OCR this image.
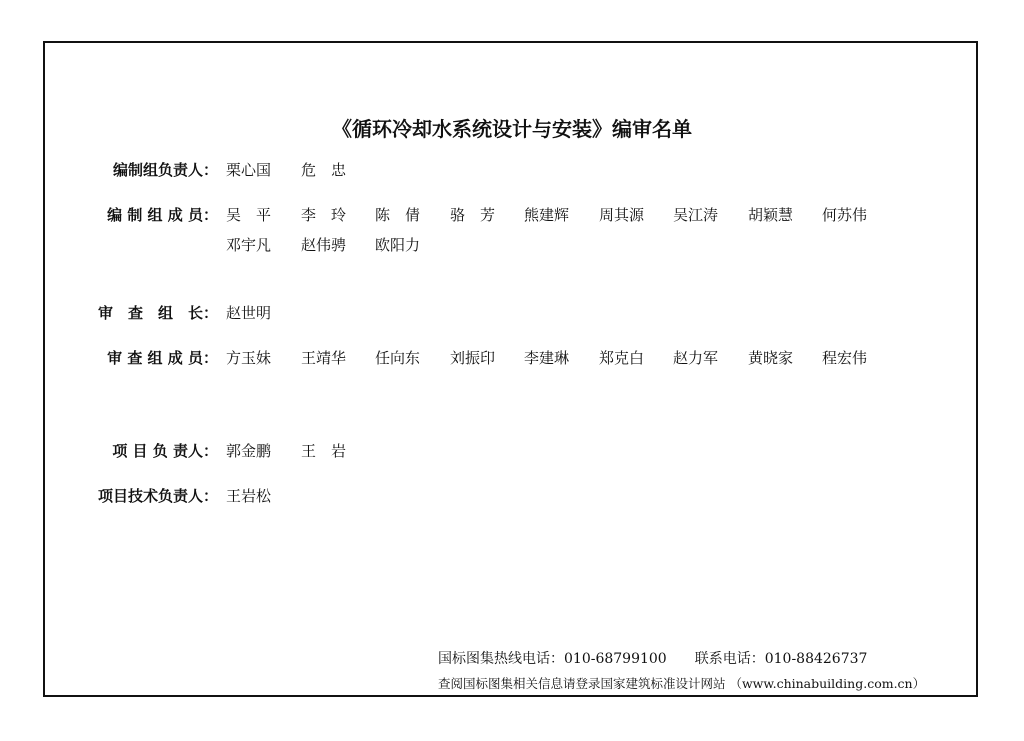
《循环冷却水系统设计与安装》编审名单
编制组负责人： 栗心国 危　忠
编 制 组 成 员： 吴　平 李　玲 陈　倩 骆　芳 熊建辉 周其源 吴江涛 胡颖慧 何苏伟
邓宇凡 赵伟骋 欧阳力
审　查　组　长： 赵世明
审 查 组 成 员： 方玉妹 王靖华 任向东 刘振印 李建琳 郑克白 赵力军 黄晓家 程宏伟
项 目 负 责人： 郭金鹏 王　岩
项目技术负责人： 王岩松
国标图集热线电话：010-68799100 联系电话：010-88426737
查阅国标图集相关信息请登录国家建筑标准设计网站 （www.chinabuilding.com.cn）
